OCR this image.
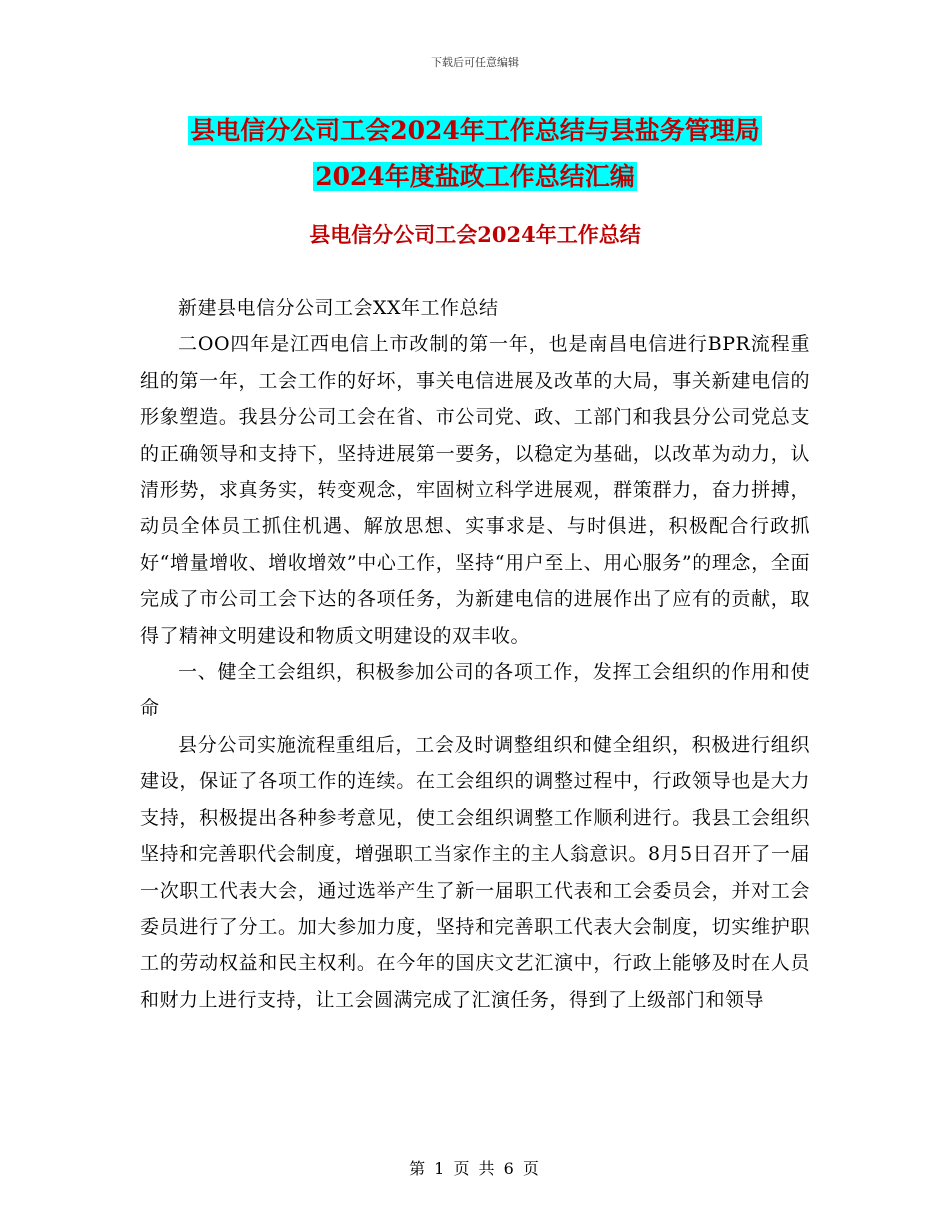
下载后可任意编辑
县电信分公司工会2024年工作总结与县盐务管理局
2024年度盐政工作总结汇编
县电信分公司工会2024年工作总结

新建县电信分公司工会XX年工作总结

二OO四年是江西电信上市改制的第一年，也是南昌电信进行BPR流程重组的第一年，工会工作的好坏，事关电信进展及改革的大局，事关新建电信的形象塑造。我县分公司工会在省、市公司党、政、工部门和我县分公司党总支的正确领导和支持下，坚持进展第一要务，以稳定为基础，以改革为动力，认清形势，求真务实，转变观念，牢固树立科学进展观，群策群力，奋力拼搏，动员全体员工抓住机遇、解放思想、实事求是、与时俱进，积极配合行政抓好“增量增收、增收增效”中心工作，坚持“用户至上、用心服务”的理念，全面完成了市公司工会下达的各项任务，为新建电信的进展作出了应有的贡献，取得了精神文明建设和物质文明建设的双丰收。

一、健全工会组织，积极参加公司的各项工作，发挥工会组织的作用和使命

县分公司实施流程重组后，工会及时调整组织和健全组织，积极进行组织建设，保证了各项工作的连续。在工会组织的调整过程中，行政领导也是大力支持，积极提出各种参考意见，使工会组织调整工作顺利进行。我县工会组织坚持和完善职代会制度，增强职工当家作主的主人翁意识。8月5日召开了一届一次职工代表大会，通过选举产生了新一届职工代表和工会委员会，并对工会委员进行了分工。加大参加力度，坚持和完善职工代表大会制度，切实维护职工的劳动权益和民主权利。在今年的国庆文艺汇演中，行政上能够及时在人员和财力上进行支持，让工会圆满完成了汇演任务，得到了上级部门和领导

第 1 页 共 6 页
